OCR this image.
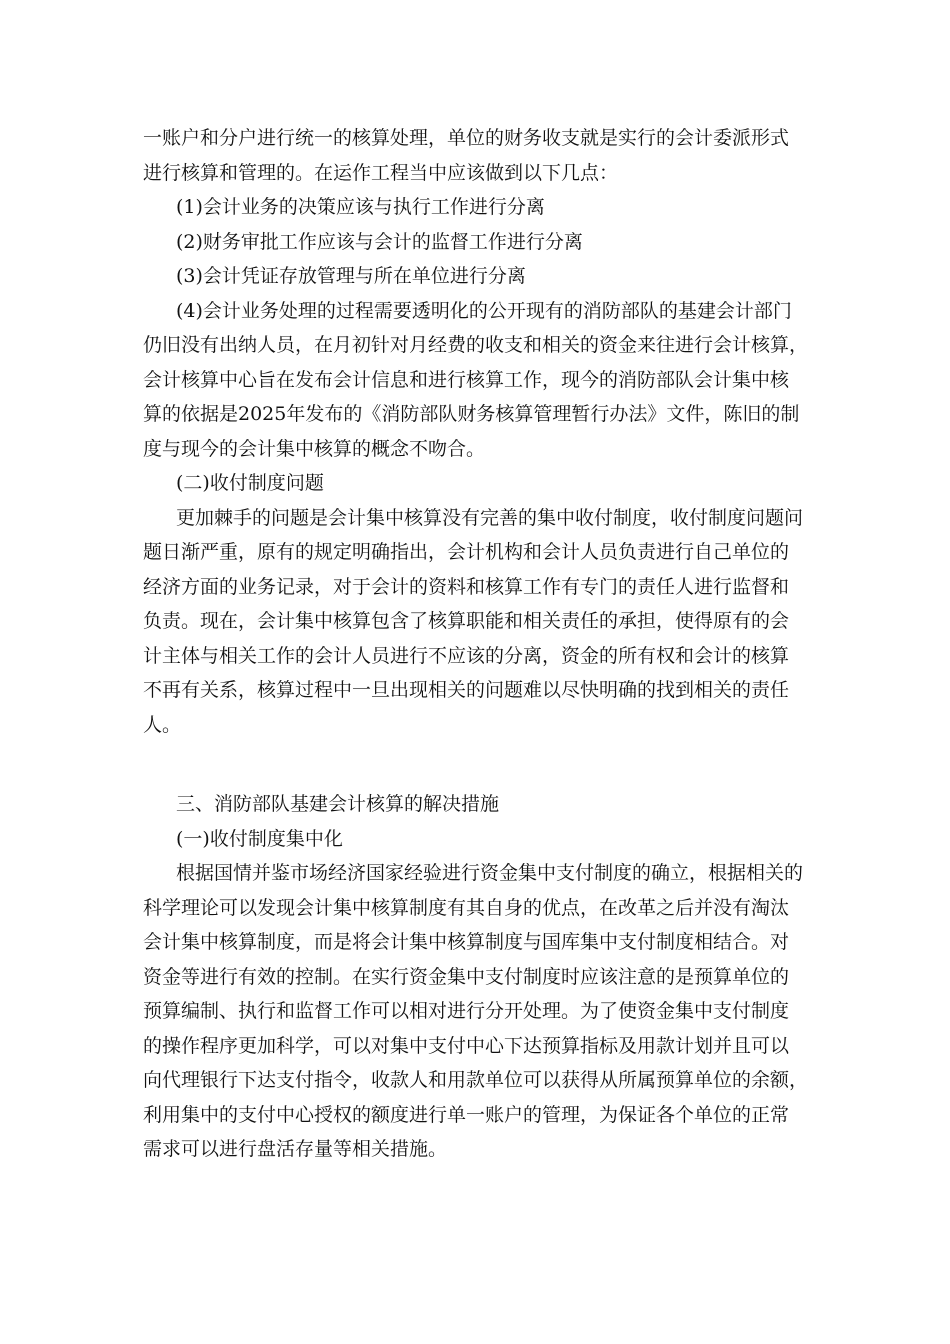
一账户和分户进行统一的核算处理，单位的财务收支就是实行的会计委派形式
进行核算和管理的。在运作工程当中应该做到以下几点：
(1)会计业务的决策应该与执行工作进行分离
(2)财务审批工作应该与会计的监督工作进行分离
(3)会计凭证存放管理与所在单位进行分离
(4)会计业务处理的过程需要透明化的公开现有的消防部队的基建会计部门
仍旧没有出纳人员，在月初针对月经费的收支和相关的资金来往进行会计核算，
会计核算中心旨在发布会计信息和进行核算工作，现今的消防部队会计集中核
算的依据是2025年发布的《消防部队财务核算管理暂行办法》文件，陈旧的制
度与现今的会计集中核算的概念不吻合。
(二)收付制度问题
更加棘手的问题是会计集中核算没有完善的集中收付制度，收付制度问题问
题日渐严重，原有的规定明确指出，会计机构和会计人员负责进行自己单位的
经济方面的业务记录，对于会计的资料和核算工作有专门的责任人进行监督和
负责。现在，会计集中核算包含了核算职能和相关责任的承担，使得原有的会
计主体与相关工作的会计人员进行不应该的分离，资金的所有权和会计的核算
不再有关系，核算过程中一旦出现相关的问题难以尽快明确的找到相关的责任
人。
三、消防部队基建会计核算的解决措施
(一)收付制度集中化
根据国情并鉴市场经济国家经验进行资金集中支付制度的确立，根据相关的
科学理论可以发现会计集中核算制度有其自身的优点，在改革之后并没有淘汰
会计集中核算制度，而是将会计集中核算制度与国库集中支付制度相结合。对
资金等进行有效的控制。在实行资金集中支付制度时应该注意的是预算单位的
预算编制、执行和监督工作可以相对进行分开处理。为了使资金集中支付制度
的操作程序更加科学，可以对集中支付中心下达预算指标及用款计划并且可以
向代理银行下达支付指令，收款人和用款单位可以获得从所属预算单位的余额，
利用集中的支付中心授权的额度进行单一账户的管理，为保证各个单位的正常
需求可以进行盘活存量等相关措施。
